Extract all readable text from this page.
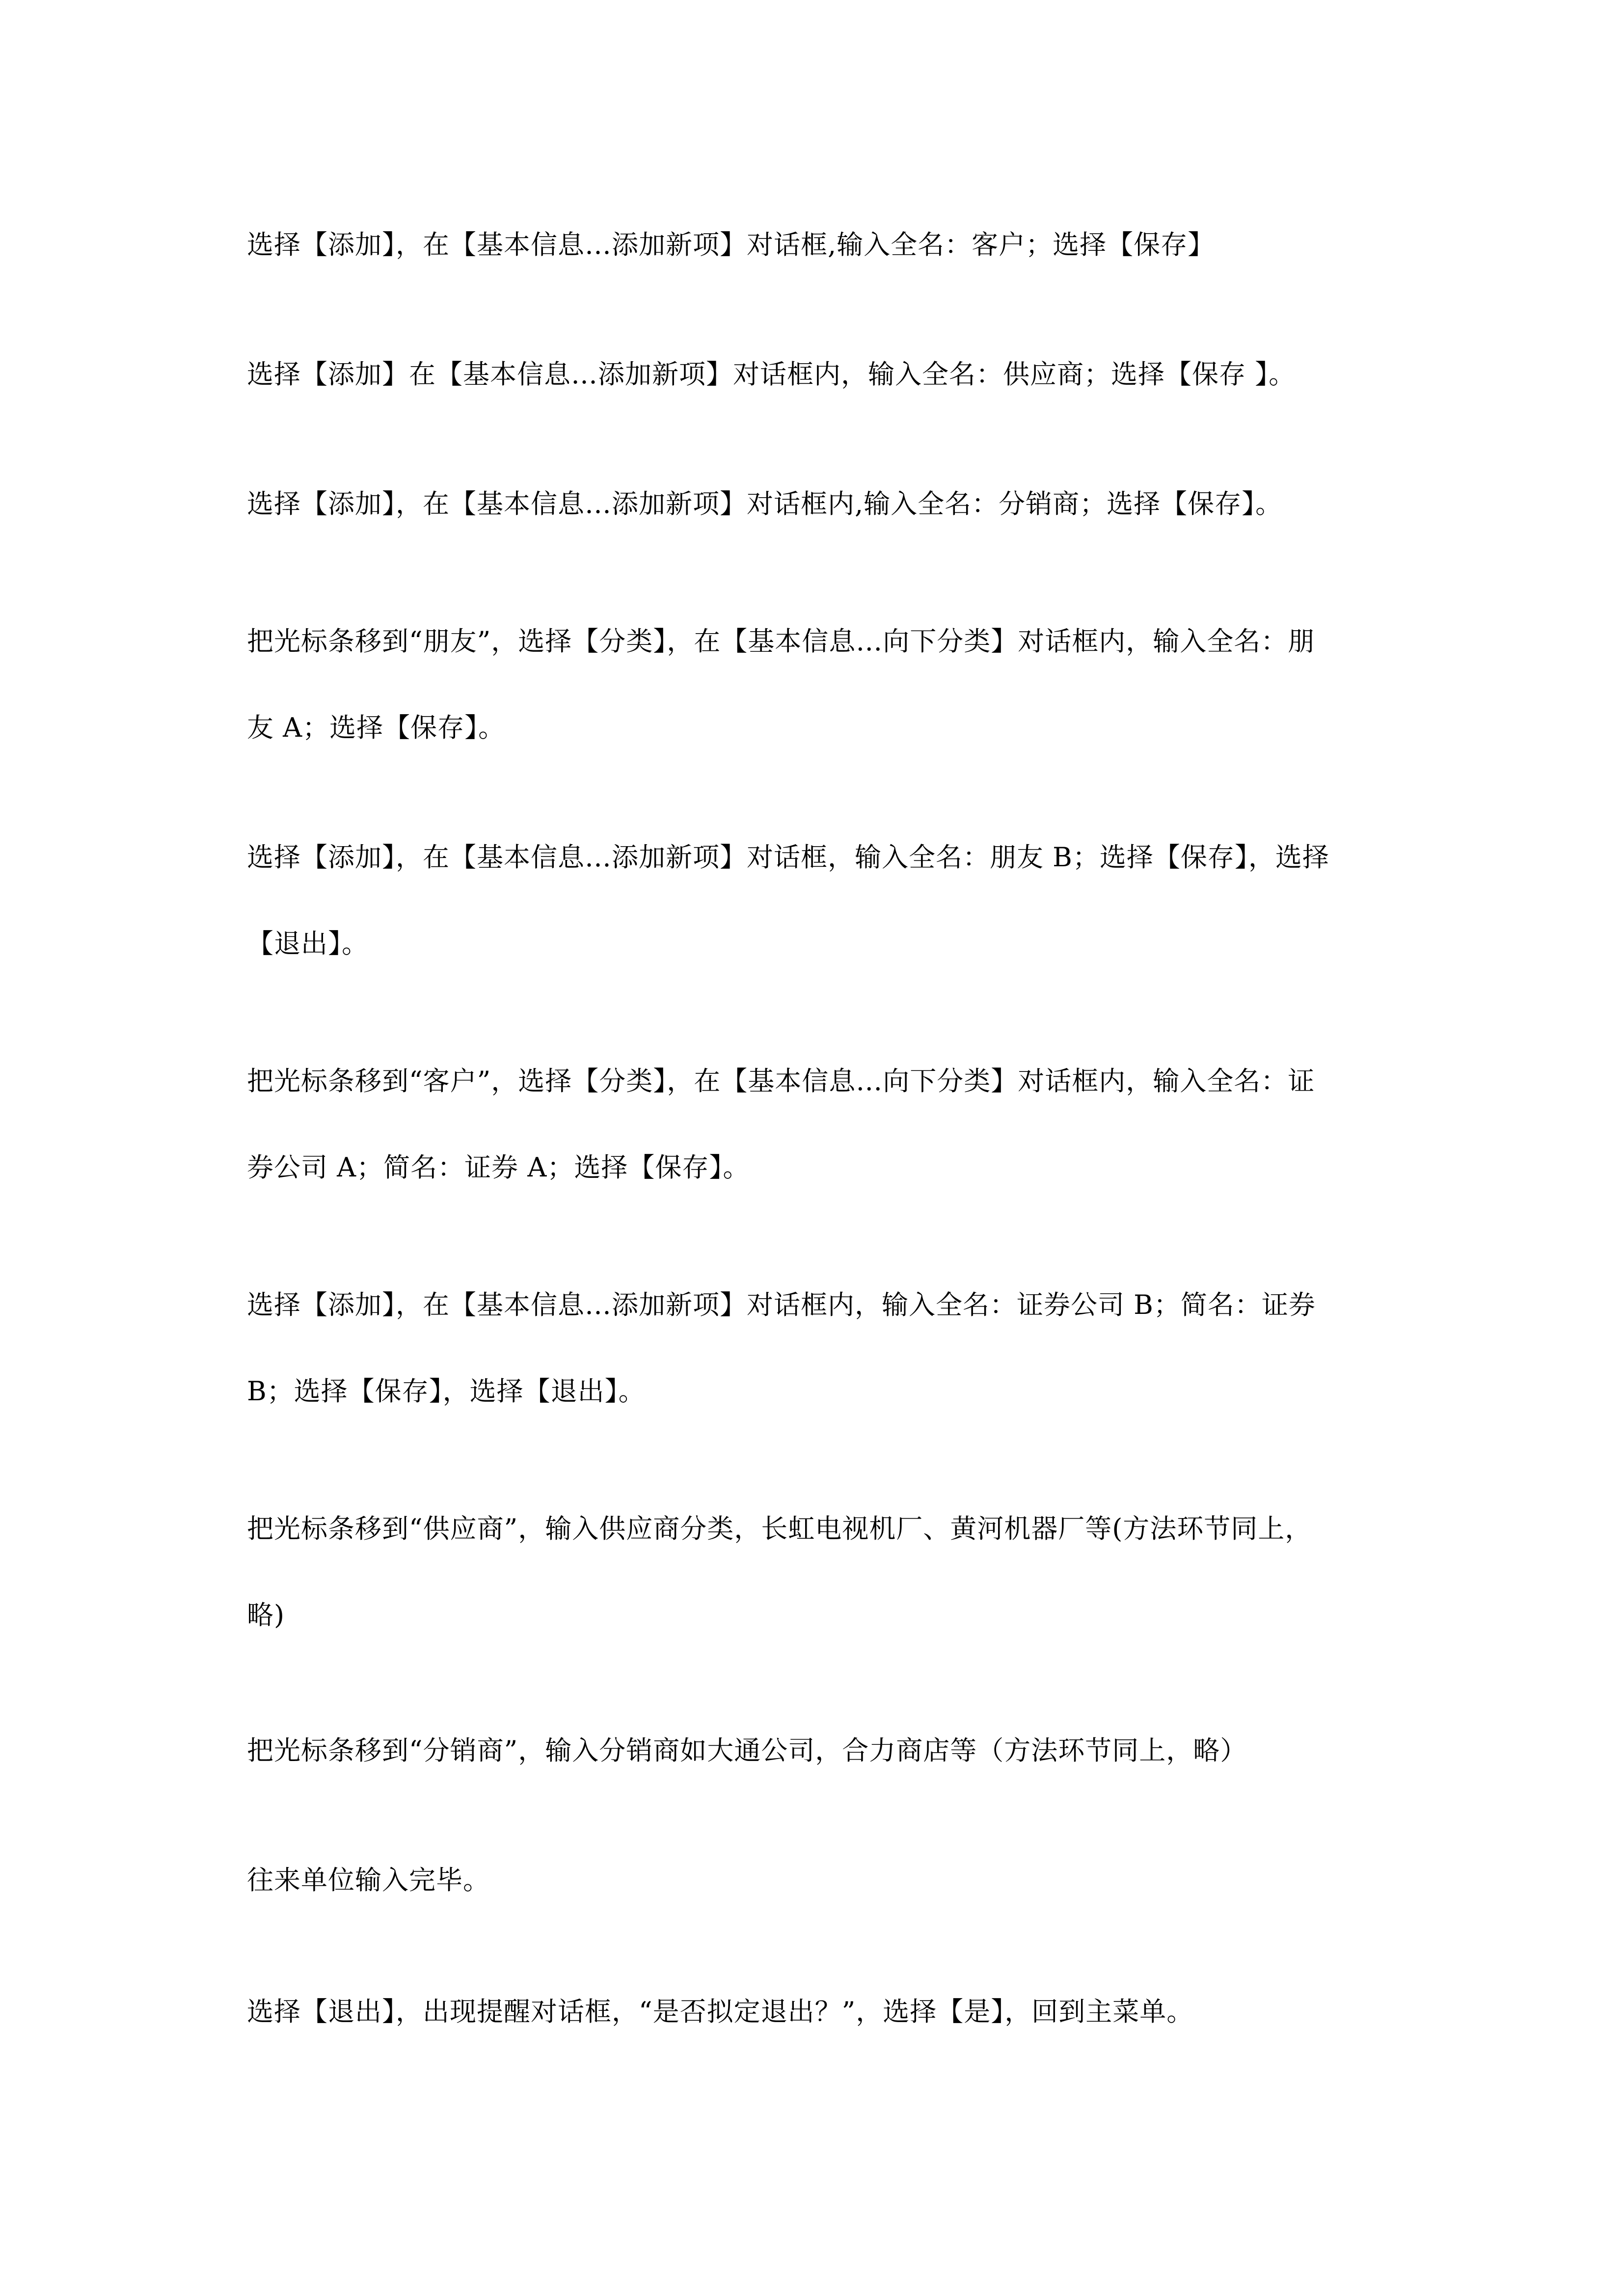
选择【添加】，在【基本信息…添加新项】对话框,输入全名：客户；选择【保存】

选择【添加】在【基本信息…添加新项】对话框内，输入全名：供应商；选择【保存 】。

选择【添加】，在【基本信息…添加新项】对话框内,输入全名：分销商；选择【保存】。

把光标条移到“朋友”，选择【分类】，在【基本信息…向下分类】对话框内，输入全名：朋

友 A；选择【保存】。

选择【添加】，在【基本信息…添加新项】对话框，输入全名：朋友 B；选择【保存】，选择

【退出】。

把光标条移到“客户”，选择【分类】，在【基本信息…向下分类】对话框内，输入全名：证

券公司 A；简名：证券 A；选择【保存】。

选择【添加】，在【基本信息…添加新项】对话框内，输入全名：证券公司 B；简名：证券

B；选择【保存】，选择【退出】。

把光标条移到“供应商”，输入供应商分类，长虹电视机厂、黄河机器厂等(方法环节同上，

略)

把光标条移到“分销商”，输入分销商如大通公司，合力商店等（方法环节同上，略）

往来单位输入完毕。

选择【退出】，出现提醒对话框，“是否拟定退出？”，选择【是】，回到主菜单。
